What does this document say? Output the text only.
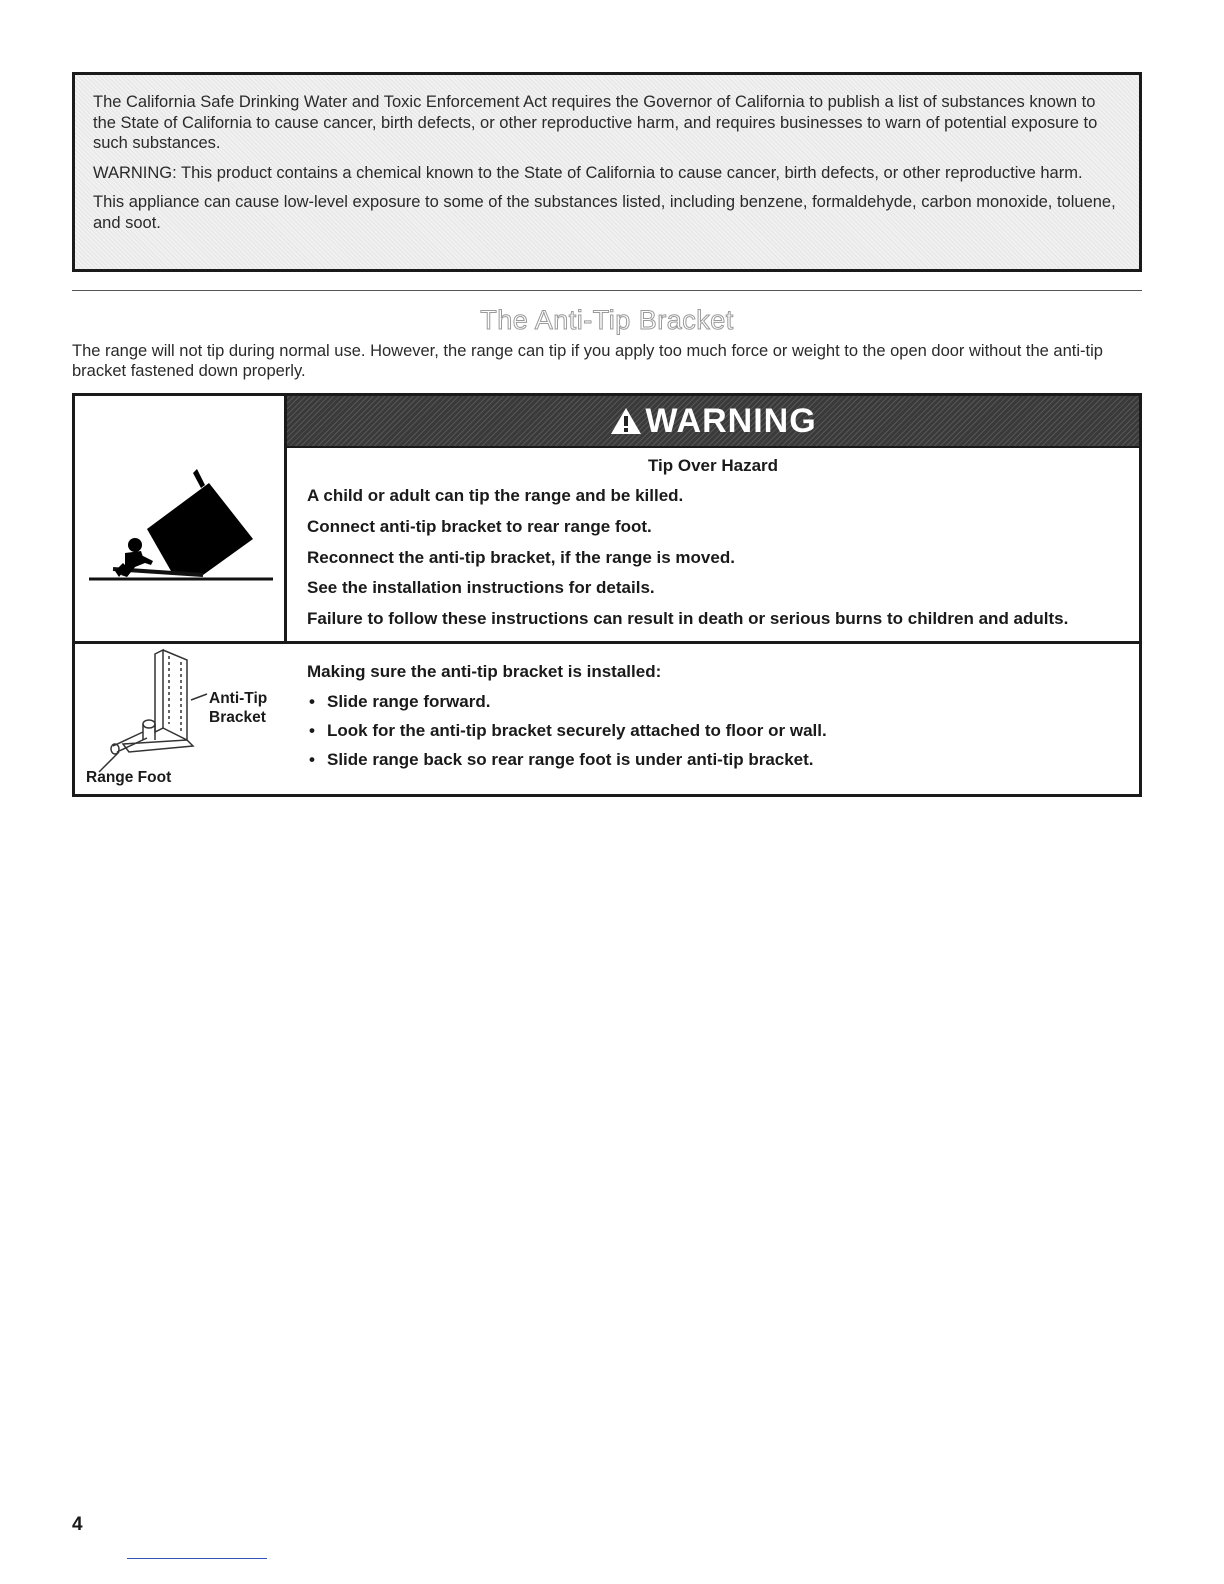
The California Safe Drinking Water and Toxic Enforcement Act requires the Governor of California to publish a list of substances known to the State of California to cause cancer, birth defects, or other reproductive harm, and requires businesses to warn of potential exposure to such substances.

WARNING: This product contains a chemical known to the State of California to cause cancer, birth defects, or other reproductive harm.

This appliance can cause low-level exposure to some of the substances listed, including benzene, formaldehyde, carbon monoxide, toluene, and soot.

The Anti-Tip Bracket

The range will not tip during normal use. However, the range can tip if you apply too much force or weight to the open door without the anti-tip bracket fastened down properly.

Anti-Tip
Bracket
Range Foot
WARNING
Tip Over Hazard
A child or adult can tip the range and be killed.
Connect anti-tip bracket to rear range foot.
Reconnect the anti-tip bracket, if the range is moved.
See the installation instructions for details.
Failure to follow these instructions can result in death or serious burns to children and adults.
Making sure the anti-tip bracket is installed:
• Slide range forward.
• Look for the anti-tip bracket securely attached to floor or wall.
• Slide range back so rear range foot is under anti-tip bracket.
4
